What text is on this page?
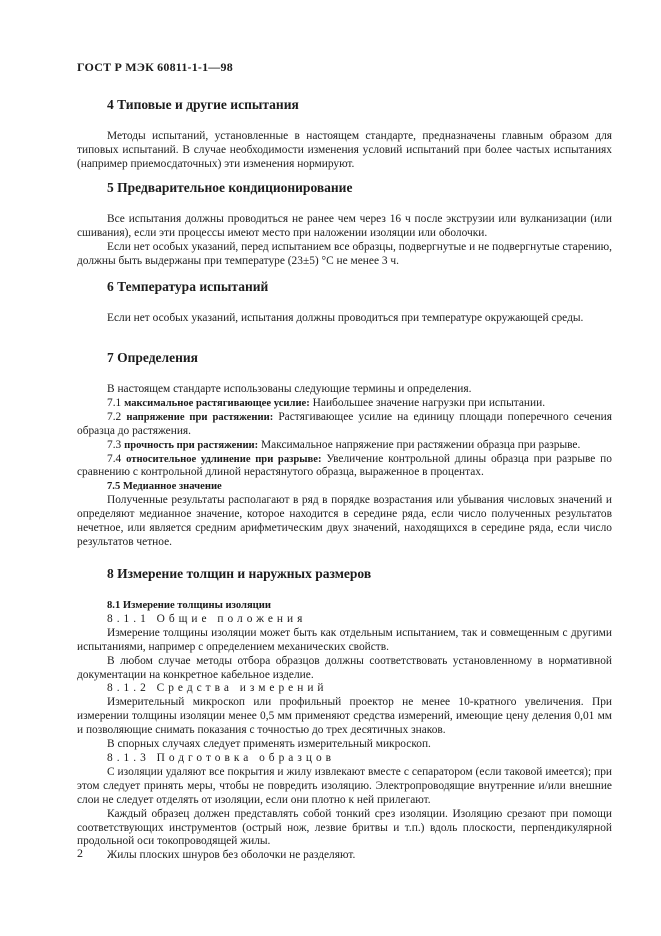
ГОСТ Р МЭК 60811-1-1—98
4 Типовые и другие испытания

Методы испытаний, установленные в настоящем стандарте, предназначены главным образом для типовых испытаний. В случае необходимости изменения условий испытаний при более частых испытаниях (например приемосдаточных) эти изменения нормируют.

5 Предварительное кондиционирование

Все испытания должны проводиться не ранее чем через 16 ч после экструзии или вулканизации (или сшивания), если эти процессы имеют место при наложении изоляции или оболочки.

Если нет особых указаний, перед испытанием все образцы, подвергнутые и не подвергнутые старению, должны быть выдержаны при температуре (23±5) °С не менее 3 ч.

6 Температура испытаний

Если нет особых указаний, испытания должны проводиться при температуре окружающей среды.

7 Определения

В настоящем стандарте использованы следующие термины и определения.

7.1 максимальное растягивающее усилие: Наибольшее значение нагрузки при испытании.

7.2 напряжение при растяжении: Растягивающее усилие на единицу площади поперечного сечения образца до растяжения.

7.3 прочность при растяжении: Максимальное напряжение при растяжении образца при разрыве.

7.4 относительное удлинение при разрыве: Увеличение контрольной длины образца при разрыве по сравнению с контрольной длиной нерастянутого образца, выраженное в процентах.

7.5 Медианное значение

Полученные результаты располагают в ряд в порядке возрастания или убывания числовых значений и определяют медианное значение, которое находится в середине ряда, если число полученных результатов нечетное, или является средним арифметическим двух значений, находящихся в середине ряда, если число результатов четное.

8 Измерение толщин и наружных размеров

8.1 Измерение толщины изоляции

8.1.1 Общие положения

Измерение толщины изоляции может быть как отдельным испытанием, так и совмещенным с другими испытаниями, например с определением механических свойств.

В любом случае методы отбора образцов должны соответствовать установленному в нормативной документации на конкретное кабельное изделие.

8.1.2 Средства измерений

Измерительный микроскоп или профильный проектор не менее 10-кратного увеличения. При измерении толщины изоляции менее 0,5 мм применяют средства измерений, имеющие цену деления 0,01 мм и позволяющие снимать показания с точностью до трех десятичных знаков.

В спорных случаях следует применять измерительный микроскоп.

8.1.3 Подготовка образцов

С изоляции удаляют все покрытия и жилу извлекают вместе с сепаратором (если таковой имеется); при этом следует принять меры, чтобы не повредить изоляцию. Электропроводящие внутренние и/или внешние слои не следует отделять от изоляции, если они плотно к ней прилегают.

Каждый образец должен представлять собой тонкий срез изоляции. Изоляцию срезают при помощи соответствующих инструментов (острый нож, лезвие бритвы и т.п.) вдоль плоскости, перпендикулярной продольной оси токопроводящей жилы.

Жилы плоских шнуров без оболочки не разделяют.

2
